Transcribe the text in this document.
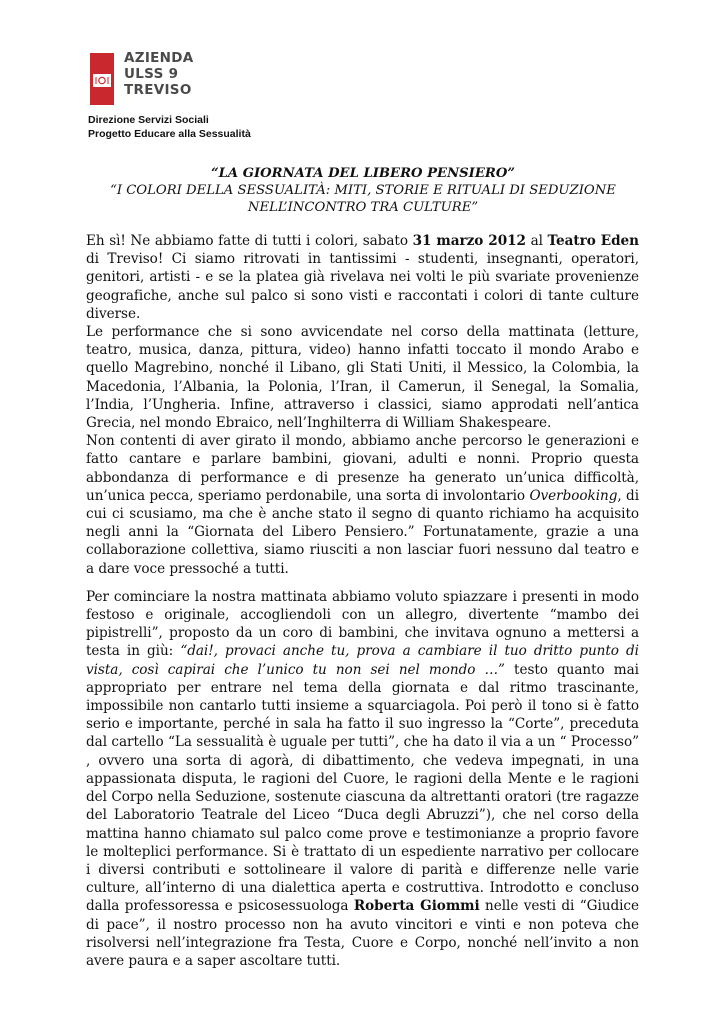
AZIENDA
ULSS 9
TREVISO
Direzione Servizi Sociali
Progetto Educare alla Sessualità
“LA GIORNATA DEL LIBERO PENSIERO”
“I COLORI DELLA SESSUALITÀ: MITI, STORIE E RITUALI DI SEDUZIONE
NELL’INCONTRO TRA CULTURE”

Eh sì! Ne abbiamo fatte di tutti i colori, sabato 31 marzo 2012 al Teatro Eden di Treviso! Ci siamo ritrovati in tantissimi - studenti, insegnanti, operatori, genitori, artisti - e se la platea già rivelava nei volti le più svariate provenienze geografiche, anche sul palco si sono visti e raccontati i colori di tante culture diverse.

Le performance che si sono avvicendate nel corso della mattinata (letture, teatro, musica, danza, pittura, video) hanno infatti toccato il mondo Arabo e quello Magrebino, nonché il Libano, gli Stati Uniti, il Messico, la Colombia, la Macedonia, l’Albania, la Polonia, l’Iran, il Camerun, il Senegal, la Somalia, l’India, l’Ungheria. Infine, attraverso i classici, siamo approdati nell’antica Grecia, nel mondo Ebraico, nell’Inghilterra di William Shakespeare.

Non contenti di aver girato il mondo, abbiamo anche percorso le generazioni e fatto cantare e parlare bambini, giovani, adulti e nonni. Proprio questa abbondanza di performance e di presenze ha generato un’unica difficoltà, un’unica pecca, speriamo perdonabile, una sorta di involontario Overbooking, di cui ci scusiamo, ma che è anche stato il segno di quanto richiamo ha acquisito negli anni la “Giornata del Libero Pensiero.” Fortunatamente, grazie a una collaborazione collettiva, siamo riusciti a non lasciar fuori nessuno dal teatro e a dare voce pressoché a tutti.

Per cominciare la nostra mattinata abbiamo voluto spiazzare i presenti in modo festoso e originale, accogliendoli con un allegro, divertente “mambo dei pipistrelli”, proposto da un coro di bambini, che invitava ognuno a mettersi a testa in giù: “dai!, provaci anche tu, prova a cambiare il tuo dritto punto di vista, così capirai che l’unico tu non sei nel mondo …” testo quanto mai appropriato per entrare nel tema della giornata e dal ritmo trascinante, impossibile non cantarlo tutti insieme a squarciagola. Poi però il tono si è fatto serio e importante, perché in sala ha fatto il suo ingresso la “Corte”, preceduta dal cartello “La sessualità è uguale per tutti”, che ha dato il via a un “ Processo” , ovvero una sorta di agorà, di dibattimento, che vedeva impegnati, in una appassionata disputa, le ragioni del Cuore, le ragioni della Mente e le ragioni del Corpo nella Seduzione, sostenute ciascuna da altrettanti oratori (tre ragazze del Laboratorio Teatrale del Liceo “Duca degli Abruzzi”), che nel corso della mattina hanno chiamato sul palco come prove e testimonianze a proprio favore le molteplici performance. Si è trattato di un espediente narrativo per collocare i diversi contributi e sottolineare il valore di parità e differenze nelle varie culture, all’interno di una dialettica aperta e costruttiva. Introdotto e concluso dalla professoressa e psicosessuologa Roberta Giommi nelle vesti di “Giudice di pace”, il nostro processo non ha avuto vincitori e vinti e non poteva che risolversi nell’integrazione fra Testa, Cuore e Corpo, nonché nell’invito a non avere paura e a saper ascoltare tutti.
